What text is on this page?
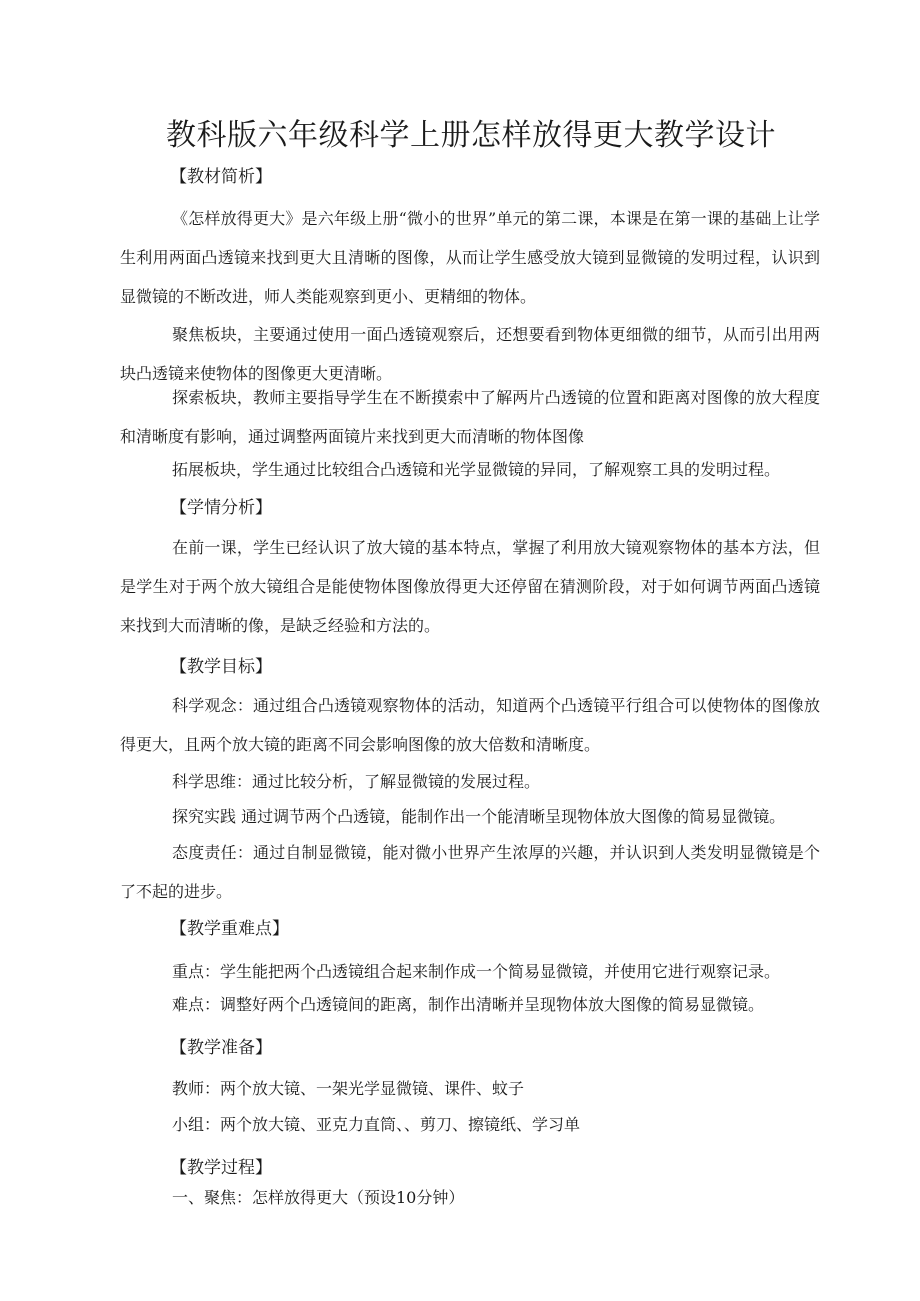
教科版六年级科学上册怎样放得更大教学设计
【教材简析】

《怎样放得更大》是六年级上册“微小的世界”单元的第二课，本课是在第一课的基础上让学生利用两面凸透镜来找到更大且清晰的图像，从而让学生感受放大镜到显微镜的发明过程，认识到显微镜的不断改进，师人类能观察到更小、更精细的物体。

聚焦板块，主要通过使用一面凸透镜观察后，还想要看到物体更细微的细节，从而引出用两块凸透镜来使物体的图像更大更清晰。

探索板块，教师主要指导学生在不断摸索中了解两片凸透镜的位置和距离对图像的放大程度和清晰度有影响，通过调整两面镜片来找到更大而清晰的物体图像

拓展板块，学生通过比较组合凸透镜和光学显微镜的异同，了解观察工具的发明过程。

【学情分析】

在前一课，学生已经认识了放大镜的基本特点，掌握了利用放大镜观察物体的基本方法，但是学生对于两个放大镜组合是能使物体图像放得更大还停留在猜测阶段，对于如何调节两面凸透镜来找到大而清晰的像，是缺乏经验和方法的。

【教学目标】

科学观念：通过组合凸透镜观察物体的活动，知道两个凸透镜平行组合可以使物体的图像放得更大，且两个放大镜的距离不同会影响图像的放大倍数和清晰度。

科学思维：通过比较分析，了解显微镜的发展过程。

探究实践 通过调节两个凸透镜，能制作出一个能清晰呈现物体放大图像的简易显微镜。

态度责任：通过自制显微镜，能对微小世界产生浓厚的兴趣，并认识到人类发明显微镜是个了不起的进步。

【教学重难点】
重点：学生能把两个凸透镜组合起来制作成一个简易显微镜，并使用它进行观察记录。
难点：调整好两个凸透镜间的距离，制作出清晰并呈现物体放大图像的简易显微镜。
【教学准备】
教师：两个放大镜、一架光学显微镜、课件、蚊子
小组：两个放大镜、亚克力直筒、、剪刀、擦镜纸、学习单
【教学过程】
一、聚焦：怎样放得更大（预设10分钟）
